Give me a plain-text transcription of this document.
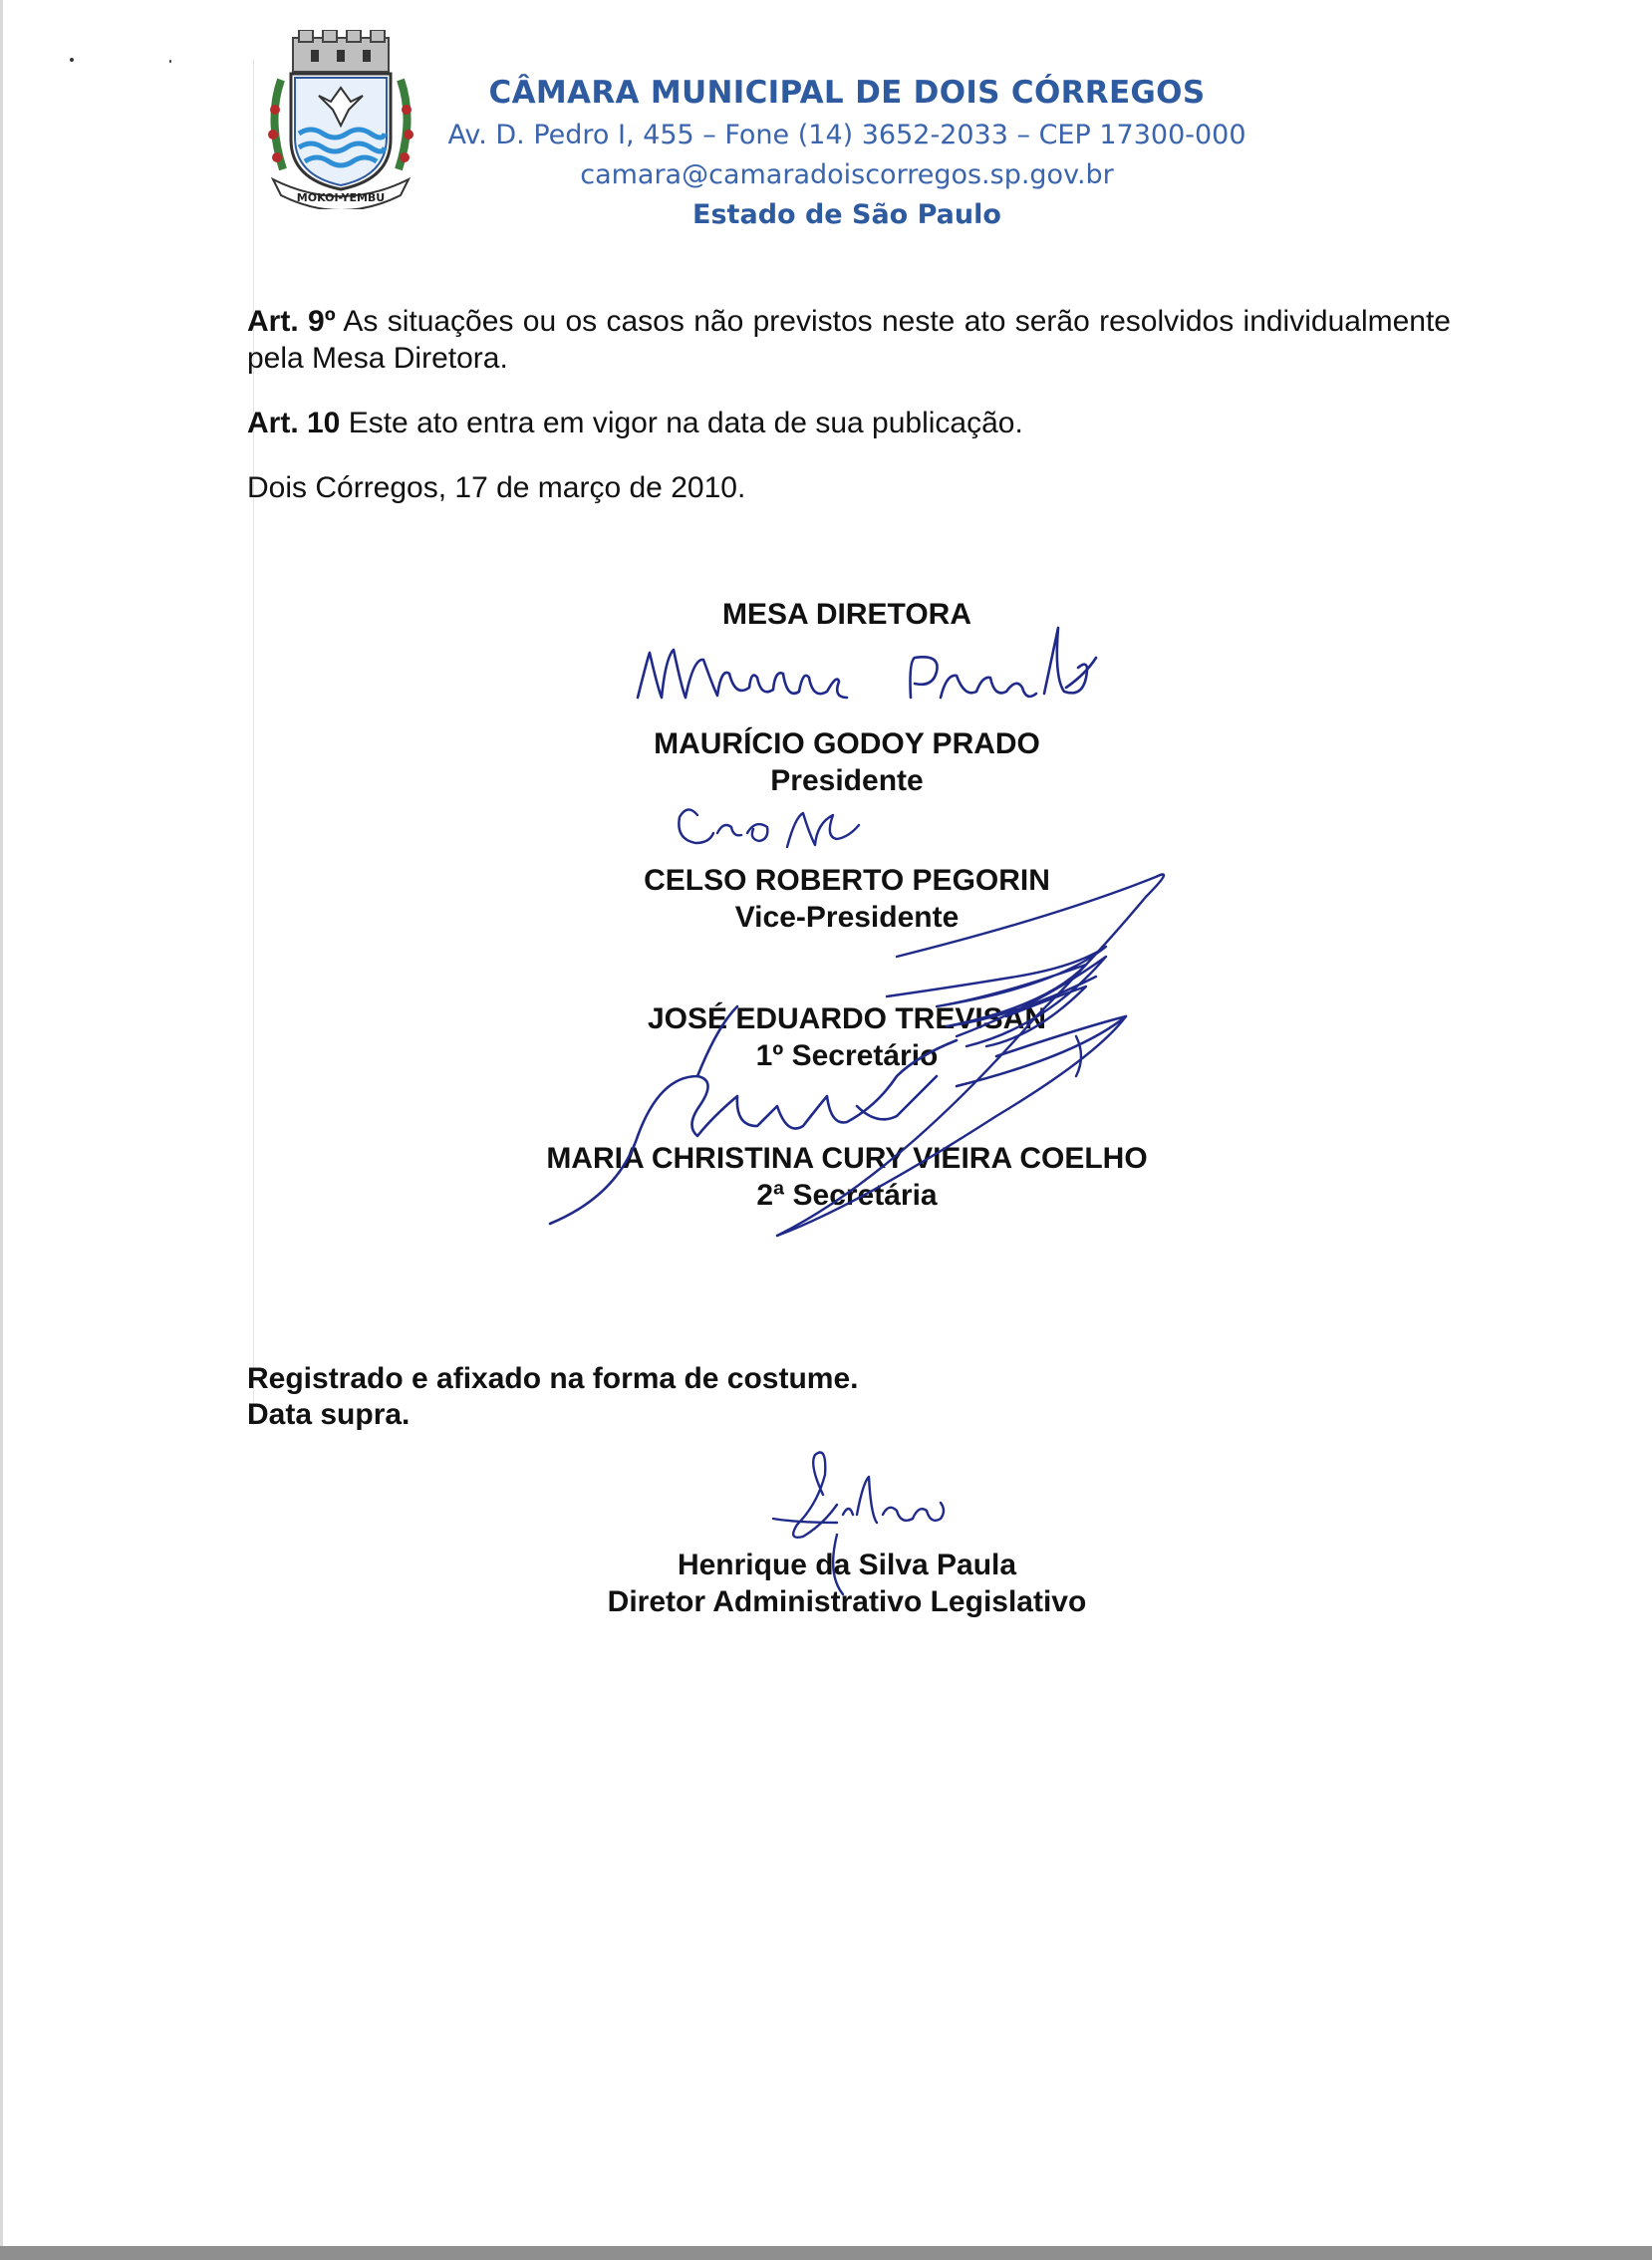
MOKOI-YEMBU
CÂMARA MUNICIPAL DE DOIS CÓRREGOS
Av. D. Pedro I, 455 – Fone (14) 3652-2033 – CEP 17300-000
camara@camaradoiscorregos.sp.gov.br
Estado de São Paulo
Art. 9º As situações ou os casos não previstos neste ato serão resolvidos individualmente pela Mesa Diretora.
Art. 10 Este ato entra em vigor na data de sua publicação.
Dois Córregos, 17 de março de 2010.
MESA DIRETORA
MAURÍCIO GODOY PRADO
Presidente
CELSO ROBERTO PEGORIN
Vice-Presidente
JOSÉ EDUARDO TREVISAN
1º Secretário
MARIA CHRISTINA CURY VIEIRA COELHO
2ª Secretária
Registrado e afixado na forma de costume.
Data supra.
Henrique da Silva Paula
Diretor Administrativo Legislativo
